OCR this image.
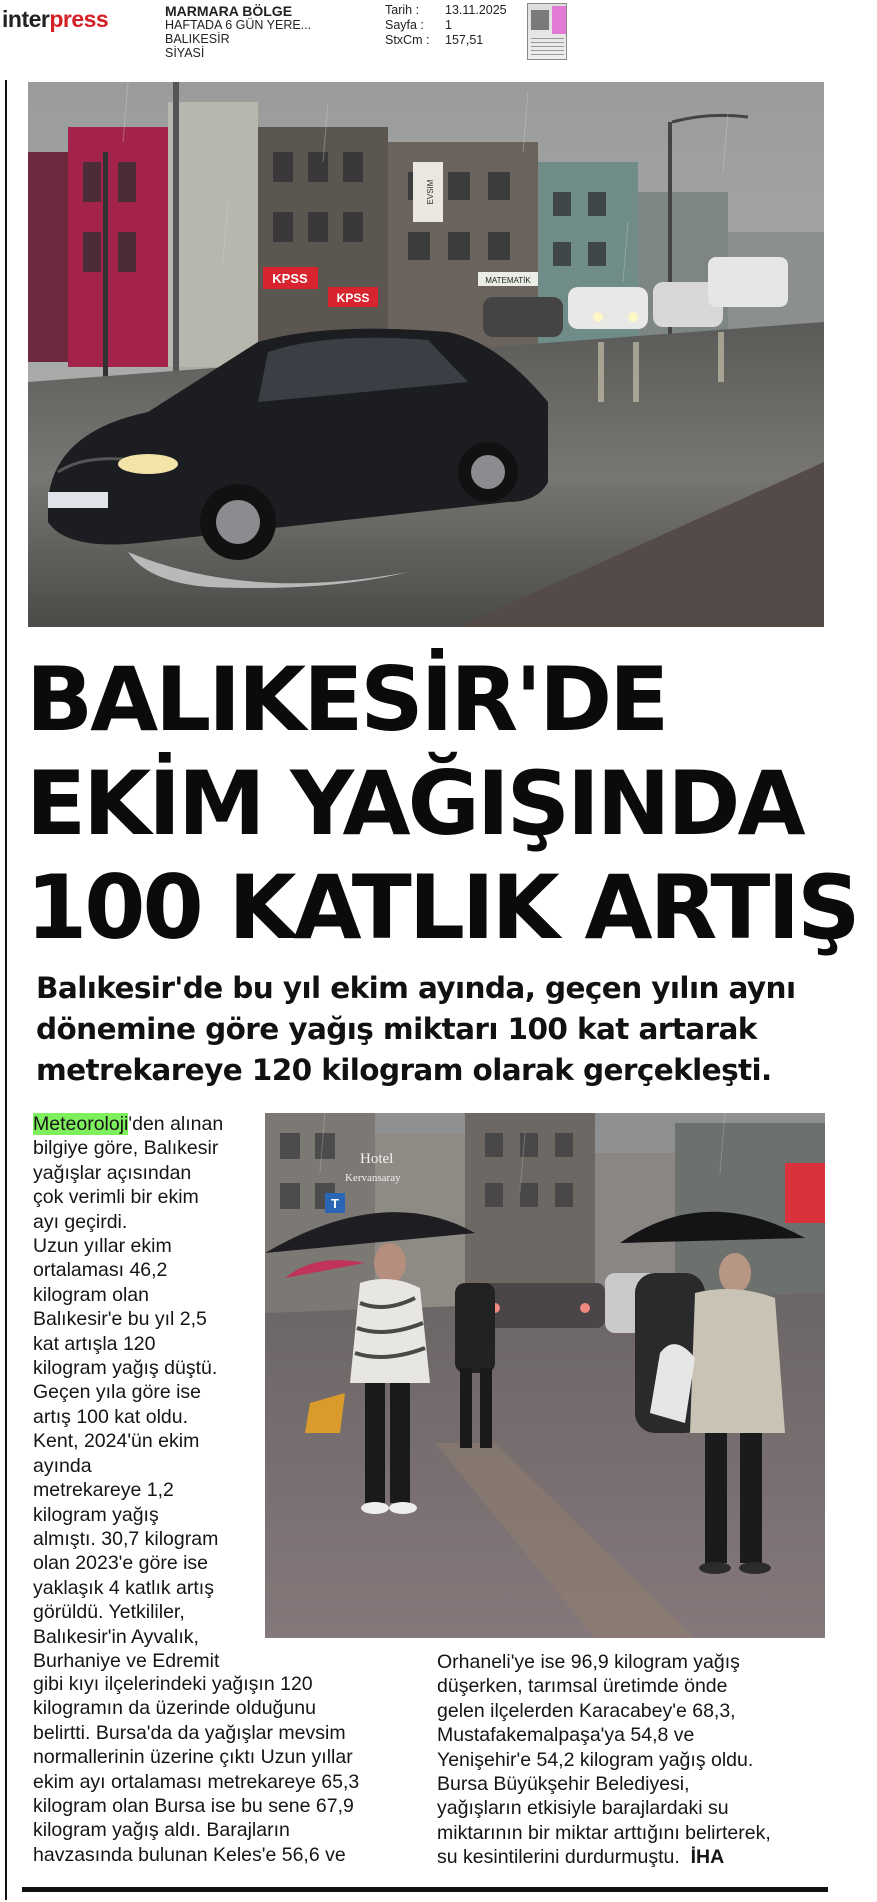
interpress	MARMARA BÖLGE
HAFTADA 6 GÜN YERE...
BALIKESİR
SİYASİ
Tarih :	13.11.2025
Sayfa :	1
StxCm :	157,51
KPSS
KPSS
EVSIM
MATEMATİK
BALIKESİR'DE
EKİM YAĞIŞINDA
100 KATLIK ARTIŞ
Balıkesir'de bu yıl ekim ayında, geçen yılın aynı dönemine göre yağış miktarı 100 kat artarak metrekareye 120 kilogram olarak gerçekleşti.
Meteoroloji'den alınan
bilgiye göre, Balıkesir
yağışlar açısından
çok verimli bir ekim
ayı geçirdi.
Uzun yıllar ekim
ortalaması 46,2
kilogram olan
Balıkesir'e bu yıl 2,5
kat artışla 120
kilogram yağış düştü.
Geçen yıla göre ise
artış 100 kat oldu.
Kent, 2024'ün ekim
ayında
metrekareye 1,2
kilogram yağış
almıştı. 30,7 kilogram
olan 2023'e göre ise
yaklaşık 4 katlık artış
görüldü. Yetkililer,
Balıkesir'in Ayvalık,
Burhaniye ve Edremit
Hotel
Kervansaray
T
gibi kıyı ilçelerindeki yağışın 120
kilogramın da üzerinde olduğunu
belirtti. Bursa'da da yağışlar mevsim
normallerinin üzerine çıktı Uzun yıllar
ekim ayı ortalaması metrekareye 65,3
kilogram olan Bursa ise bu sene 67,9
kilogram yağış aldı. Barajların
havzasında bulunan Keles'e 56,6 ve
Orhaneli'ye ise 96,9 kilogram yağış
düşerken, tarımsal üretimde önde
gelen ilçelerden Karacabey'e 68,3,
Mustafakemalpaşa'ya 54,8 ve
Yenişehir'e 54,2 kilogram yağış oldu.
Bursa Büyükşehir Belediyesi,
yağışların etkisiyle barajlardaki su
miktarının bir miktar arttığını belirterek,
su kesintilerini durdurmuştu. İHA
